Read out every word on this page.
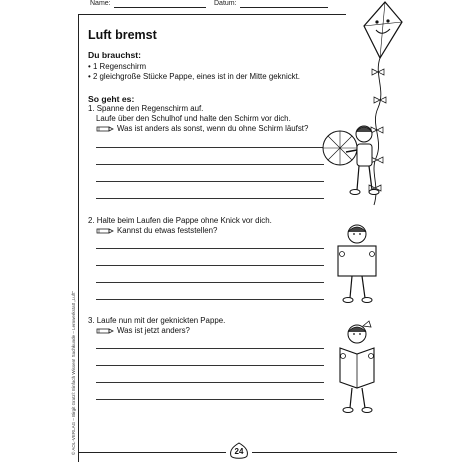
Name:	Datum:
Luft bremst
Du brauchst:
• 1 Regenschirm
• 2 gleichgroße Stücke Pappe, eines ist in der Mitte geknickt.
So geht es:
1. Spanne den Regenschirm auf.
Laufe über den Schulhof und halte den Schirm vor dich.
Was ist anders als sonst, wenn du ohne Schirm läufst?
2. Halte beim Laufen die Pappe ohne Knick vor dich.
Kannst du etwas feststellen?
3. Laufe nun mit der geknickten Pappe.
Was ist jetzt anders?
© AOL-VERLAG – Birgit Gratzl: Einfach Wissen! Sachkunde – Lernwerkstatt „Luft“	24
